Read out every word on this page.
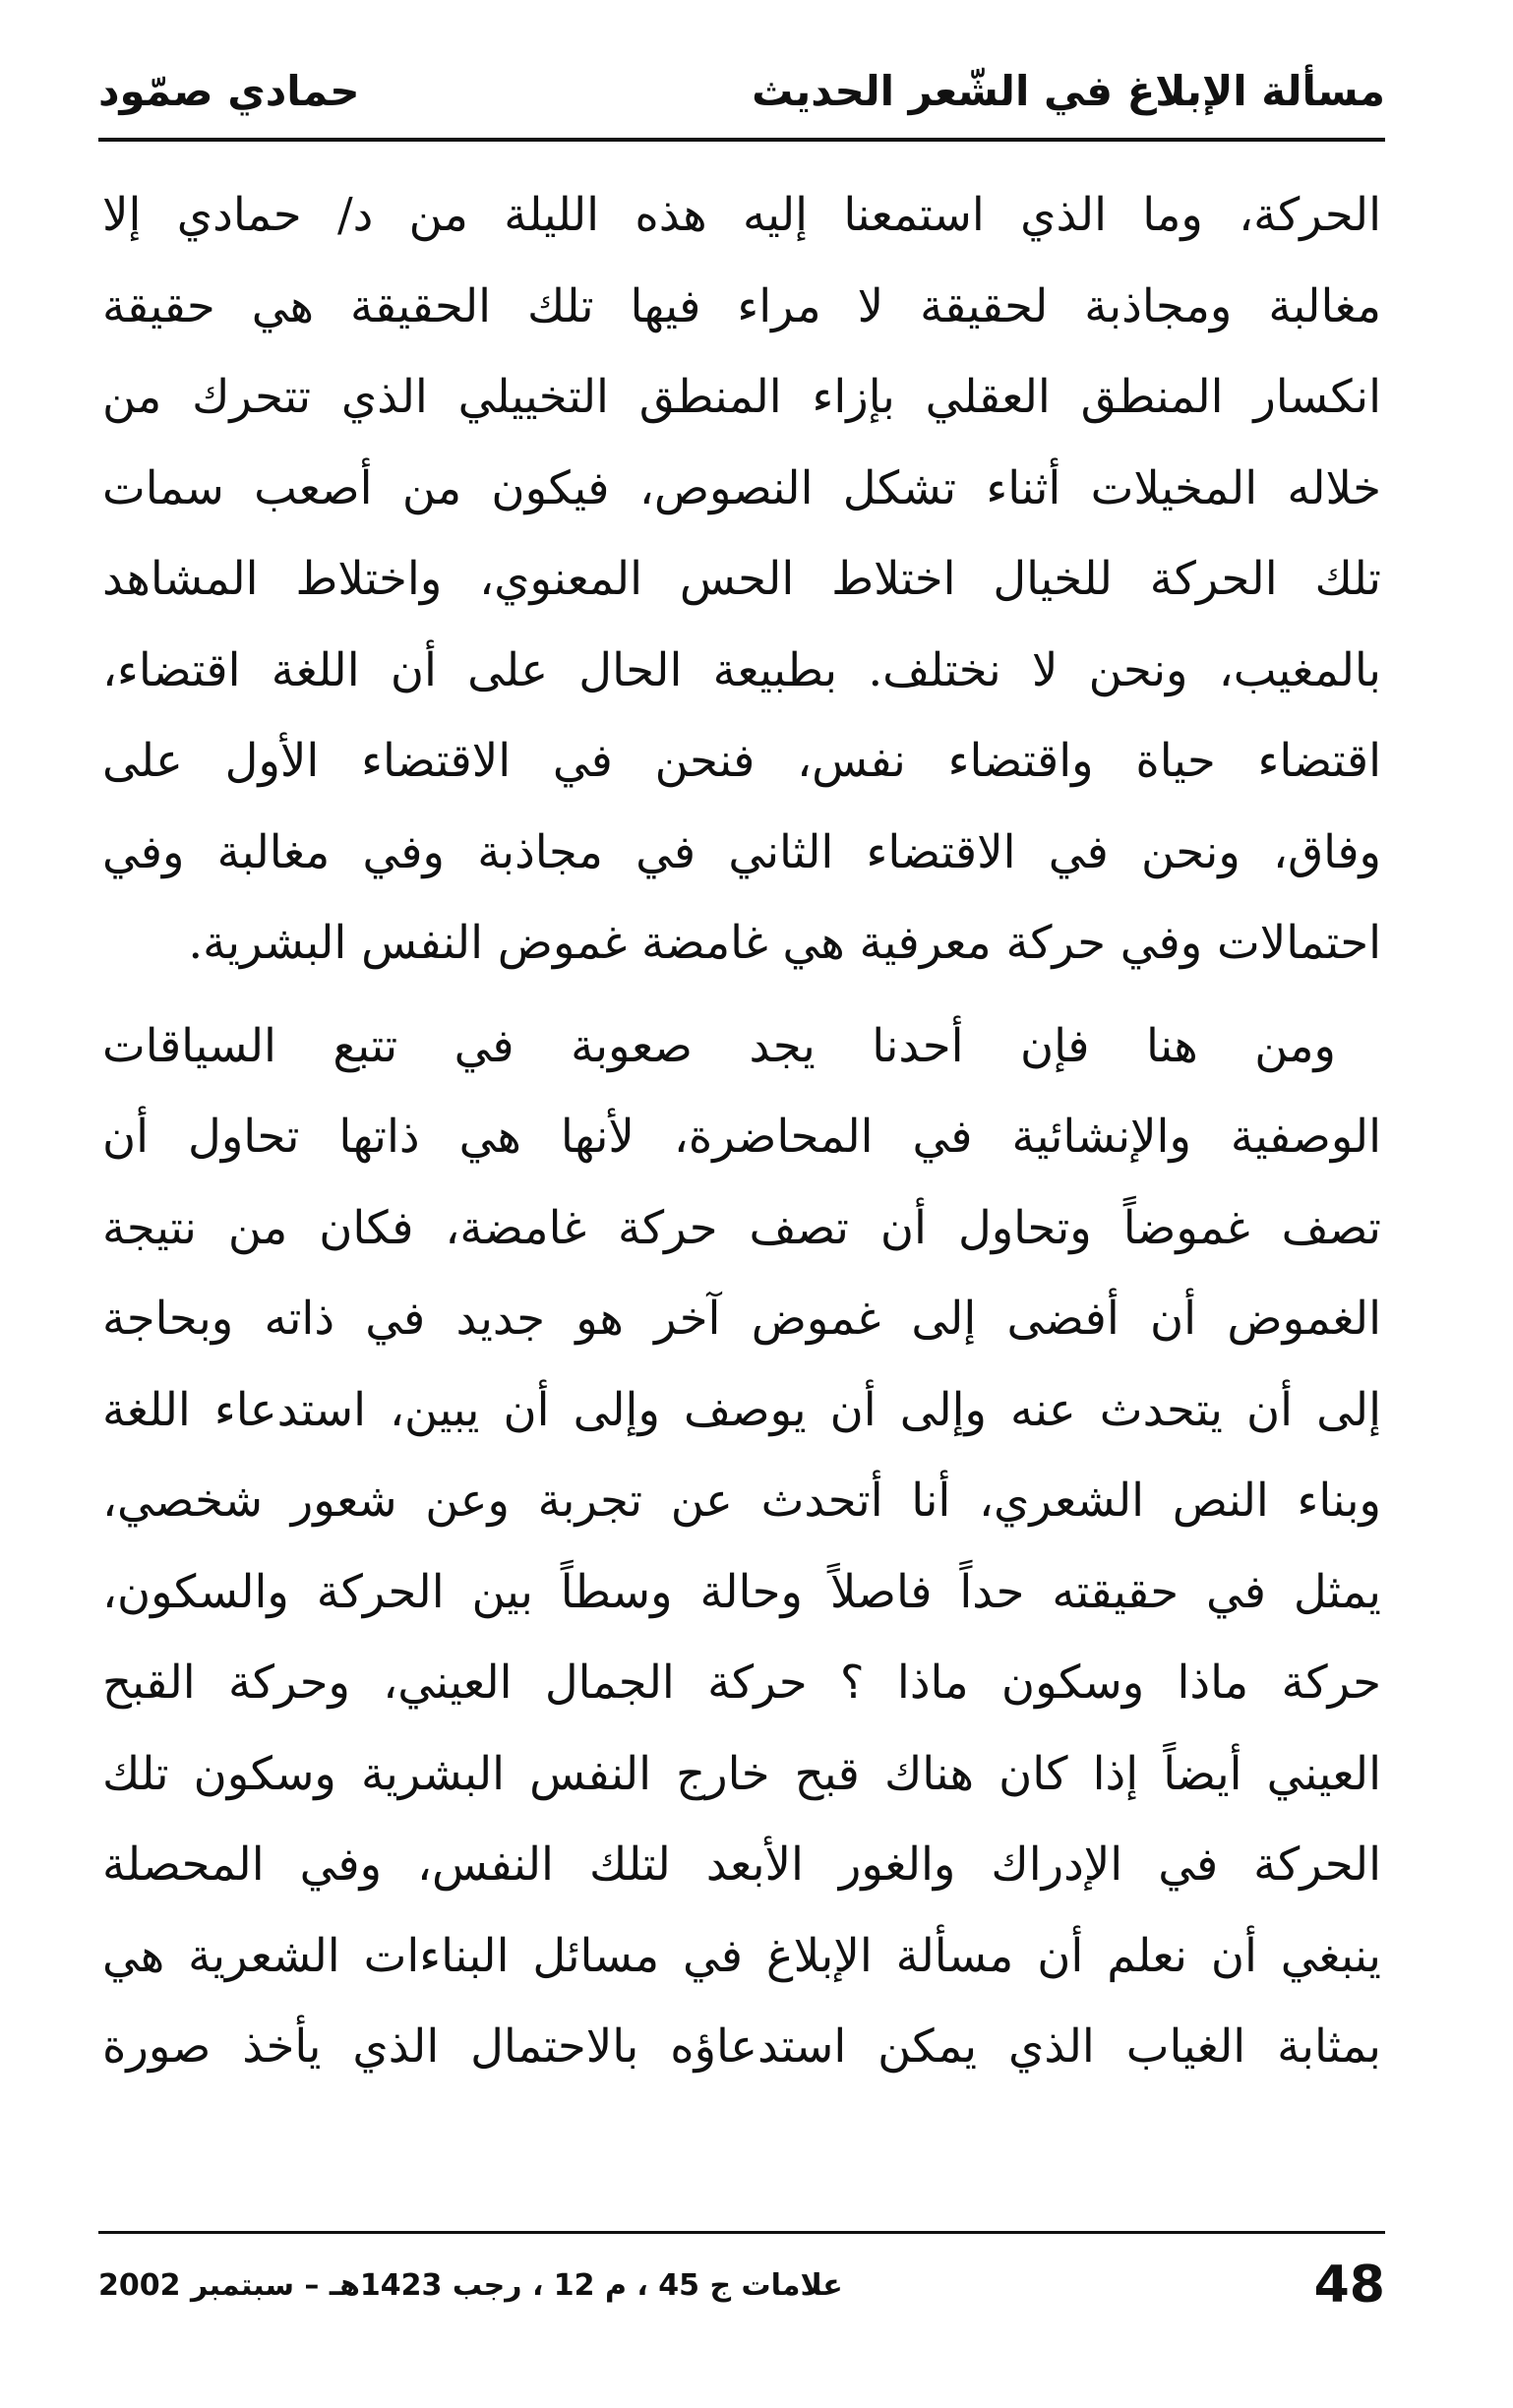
مسألة الإبلاغ في الشّعر الحديث
حمادي صمّود

الحركة، وما الذي استمعنا إليه هذه الليلة من د/ حمادي إلا
مغالبة ومجاذبة لحقيقة لا مراء فيها تلك الحقيقة هي حقيقة
انكسار المنطق العقلي بإزاء المنطق التخييلي الذي تتحرك من
خلاله المخيلات أثناء تشكل النصوص، فيكون من أصعب سمات
تلك الحركة للخيال اختلاط الحس المعنوي، واختلاط المشاهد
بالمغيب، ونحن لا نختلف. بطبيعة الحال على أن اللغة اقتضاء،
اقتضاء حياة واقتضاء نفس، فنحن في الاقتضاء الأول على
وفاق، ونحن في الاقتضاء الثاني في مجاذبة وفي مغالبة وفي
احتمالات وفي حركة معرفية هي غامضة غموض النفس البشرية.

ومن هنا فإن أحدنا يجد صعوبة في تتبع السياقات
الوصفية والإنشائية في المحاضرة، لأنها هي ذاتها تحاول أن
تصف غموضاً وتحاول أن تصف حركة غامضة، فكان من نتيجة
الغموض أن أفضى إلى غموض آخر هو جديد في ذاته وبحاجة
إلى أن يتحدث عنه وإلى أن يوصف وإلى أن يبين، استدعاء اللغة
وبناء النص الشعري، أنا أتحدث عن تجربة وعن شعور شخصي،
يمثل في حقيقته حداً فاصلاً وحالة وسطاً بين الحركة والسكون،
حركة ماذا وسكون ماذا ؟ حركة الجمال العيني، وحركة القبح
العيني أيضاً إذا كان هناك قبح خارج النفس البشرية وسكون تلك
الحركة في الإدراك والغور الأبعد لتلك النفس، وفي المحصلة
ينبغي أن نعلم أن مسألة الإبلاغ في مسائل البناءات الشعرية هي
بمثابة الغياب الذي يمكن استدعاؤه بالاحتمال الذي يأخذ صورة

48
علامات ج 45 ، م 12 ، رجب 1423هـ – سبتمبر 2002
